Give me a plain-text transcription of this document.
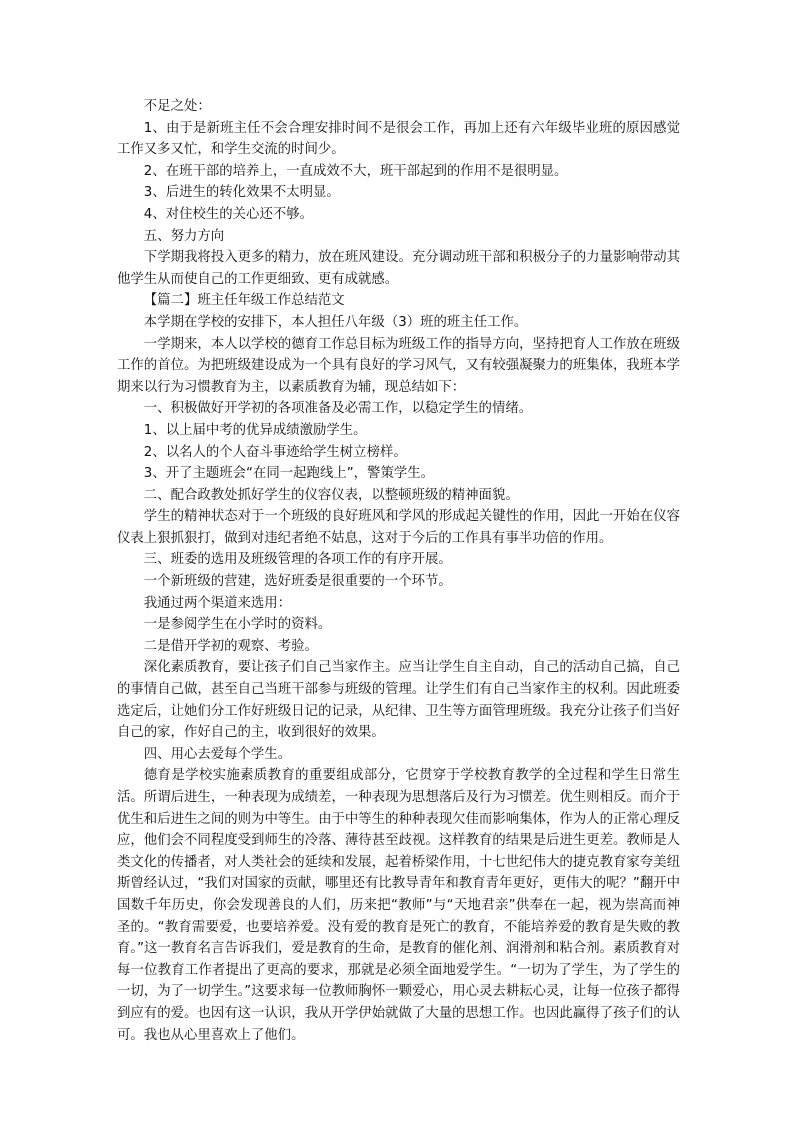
不足之处：

1、由于是新班主任不会合理安排时间不是很会工作，再加上还有六年级毕业班的原因感觉工作又多又忙，和学生交流的时间少。

2、在班干部的培养上，一直成效不大，班干部起到的作用不是很明显。

3、后进生的转化效果不太明显。

4、对住校生的关心还不够。

五、努力方向

下学期我将投入更多的精力，放在班风建设。充分调动班干部和积极分子的力量影响带动其他学生从而使自己的工作更细致、更有成就感。

【篇二】班主任年级工作总结范文

本学期在学校的安排下，本人担任八年级（3）班的班主任工作。

一学期来，本人以学校的德育工作总目标为班级工作的指导方向，坚持把育人工作放在班级工作的首位。为把班级建设成为一个具有良好的学习风气，又有较强凝聚力的班集体，我班本学期来以行为习惯教育为主，以素质教育为辅，现总结如下：

一、积极做好开学初的各项准备及必需工作，以稳定学生的情绪。

1、以上届中考的优异成绩激励学生。

2、以名人的个人奋斗事迹给学生树立榜样。

3、开了主题班会“在同一起跑线上”，警策学生。

二、配合政教处抓好学生的仪容仪表，以整顿班级的精神面貌。

学生的精神状态对于一个班级的良好班风和学风的形成起关键性的作用，因此一开始在仪容仪表上狠抓狠打，做到对违纪者绝不姑息，这对于今后的工作具有事半功倍的作用。

三、班委的选用及班级管理的各项工作的有序开展。

一个新班级的营建，选好班委是很重要的一个环节。

我通过两个渠道来选用：

一是参阅学生在小学时的资料。

二是借开学初的观察、考验。

深化素质教育，要让孩子们自己当家作主。应当让学生自主自动，自己的活动自己搞，自己的事情自己做，甚至自己当班干部参与班级的管理。让学生们有自己当家作主的权利。因此班委选定后，让她们分工作好班级日记的记录，从纪律、卫生等方面管理班级。我充分让孩子们当好自己的家，作好自己的主，收到很好的效果。

四、用心去爱每个学生。

德育是学校实施素质教育的重要组成部分，它贯穿于学校教育教学的全过程和学生日常生活。所谓后进生，一种表现为成绩差，一种表现为思想落后及行为习惯差。优生则相反。而介于优生和后进生之间的则为中等生。由于中等生的种种表现欠佳而影响集体，作为人的正常心理反应，他们会不同程度受到师生的冷落、薄待甚至歧视。这样教育的结果是后进生更差。教师是人类文化的传播者，对人类社会的延续和发展，起着桥梁作用，十七世纪伟大的捷克教育家夸美纽斯曾经认过，“我们对国家的贡献，哪里还有比教导青年和教育青年更好，更伟大的呢？”翻开中国数千年历史，你会发现善良的人们，历来把“教师”与“天地君亲”供奉在一起，视为崇高而神圣的。“教育需要爱，也要培养爱。没有爱的教育是死亡的教育，不能培养爱的教育是失败的教育。”这一教育名言告诉我们，爱是教育的生命，是教育的催化剂、润滑剂和粘合剂。素质教育对每一位教育工作者提出了更高的要求，那就是必须全面地爱学生。“一切为了学生，为了学生的一切，为了一切学生。”这要求每一位教师胸怀一颗爱心，用心灵去耕耘心灵，让每一位孩子都得到应有的爱。也因有这一认识，我从开学伊始就做了大量的思想工作。也因此赢得了孩子们的认可。我也从心里喜欢上了他们。
